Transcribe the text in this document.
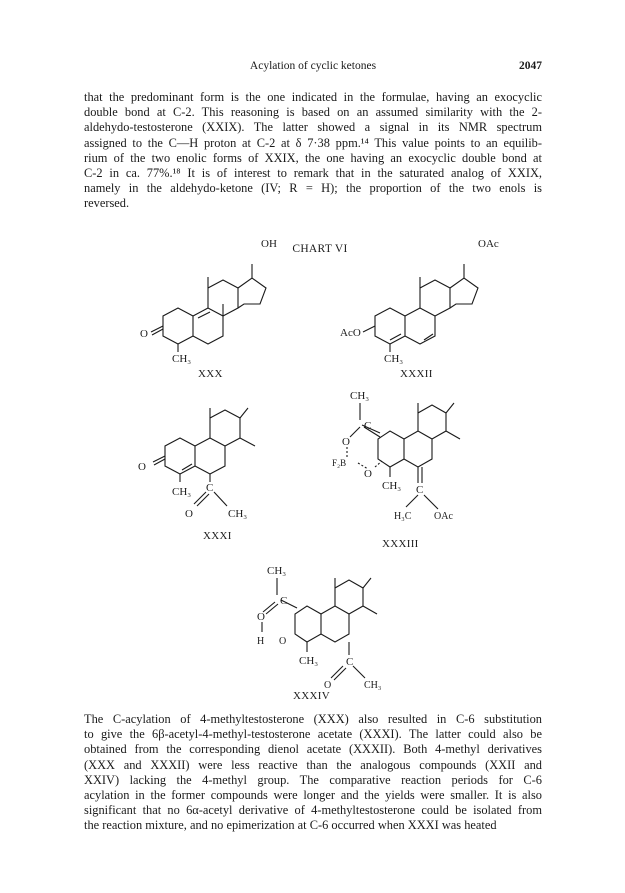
Acylation of cyclic ketones	2047

that the predominant form is the one indicated in the formulae, having an exocyclic
double bond at C-2. This reasoning is based on an assumed similarity with the 2-
aldehydo-testosterone (XXIX). The latter showed a signal in its NMR spectrum
assigned to the C—H proton at C-2 at δ 7·38 ppm.¹⁴ This value points to an equilib-
rium of the two enolic forms of XXIX, the one having an exocyclic double bond at
C-2 in ca. 77%.¹⁸ It is of interest to remark that in the saturated analog of XXIX,
namely in the aldehydo-ketone (IV; R = H); the proportion of the two enols is
reversed.

CHART VI
OH
O
CH₃
XXX
OAc
AcO
CH₃
XXXII
O
CH₃ C
O	CH₃
XXXI
CH₃
C
O
F₂B
O
CH₃ C
H₃C OAc
XXXIII
CH₃
C
O
H O
CH₃	C
O	CH₃
XXXIV

The C-acylation of 4-methyltestosterone (XXX) also resulted in C-6 substitution
to give the 6β-acetyl-4-methyl-testosterone acetate (XXXI). The latter could also be
obtained from the corresponding dienol acetate (XXXII). Both 4-methyl derivatives
(XXX and XXXII) were less reactive than the analogous compounds (XXII and
XXIV) lacking the 4-methyl group. The comparative reaction periods for C-6
acylation in the former compounds were longer and the yields were smaller. It is also
significant that no 6α-acetyl derivative of 4-methyltestosterone could be isolated from
the reaction mixture, and no epimerization at C-6 occurred when XXXI was heated
